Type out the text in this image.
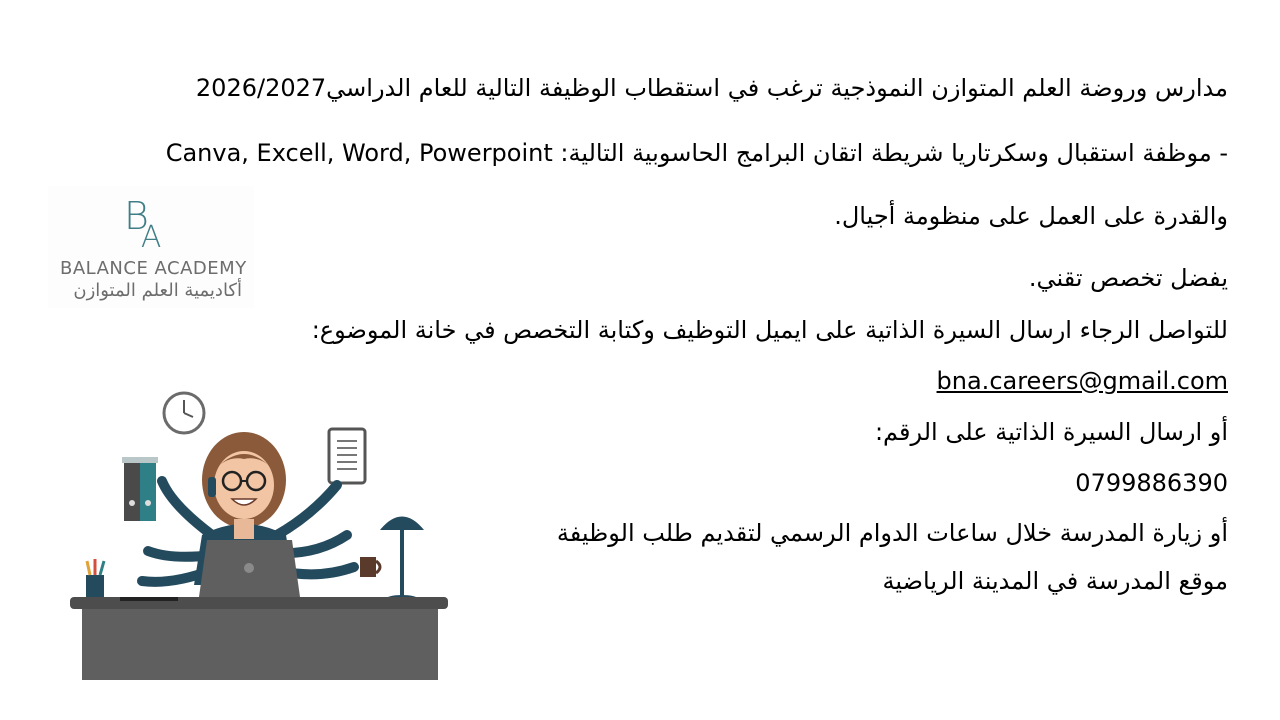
مدارس وروضة العلم المتوازن النموذجية ترغب في استقطاب الوظيفة التالية للعام الدراسي2026/2027
- موظفة استقبال وسكرتاريا شريطة اتقان البرامج الحاسوبية التالية: Canva, Excell, Word, Powerpoint
والقدرة على العمل على منظومة أجيال.
يفضل تخصص تقني.
للتواصل الرجاء ارسال السيرة الذاتية على ايميل التوظيف وكتابة التخصص في خانة الموضوع:
bna.careers@gmail.com
أو ارسال السيرة الذاتية على الرقم:
0799886390
أو زيارة المدرسة خلال ساعات الدوام الرسمي لتقديم طلب الوظيفة
موقع المدرسة في المدينة الرياضية
$B_A$
BALANCE ACADEMY
أكاديمية العلم المتوازن
